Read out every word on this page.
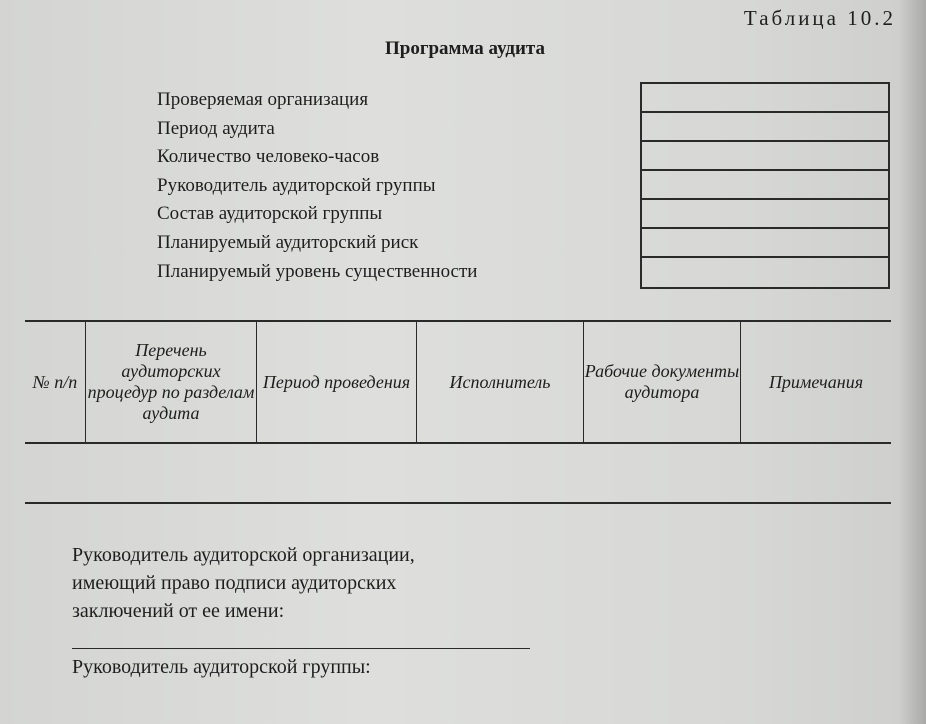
Таблица 10.2
Программа аудита
Проверяемая организация
Период аудита
Количество человеко-часов
Руководитель аудиторской группы
Состав аудиторской группы
Планируемый аудиторский риск
Планируемый уровень существенности
№ п/п
Перечень аудиторских процедур по разделам аудита
Период проведения	Исполнитель
Рабочие документы аудитора
Примечания
Руководитель аудиторской организации,
имеющий право подписи аудиторских
заключений от ее имени:
Руководитель аудиторской группы:
